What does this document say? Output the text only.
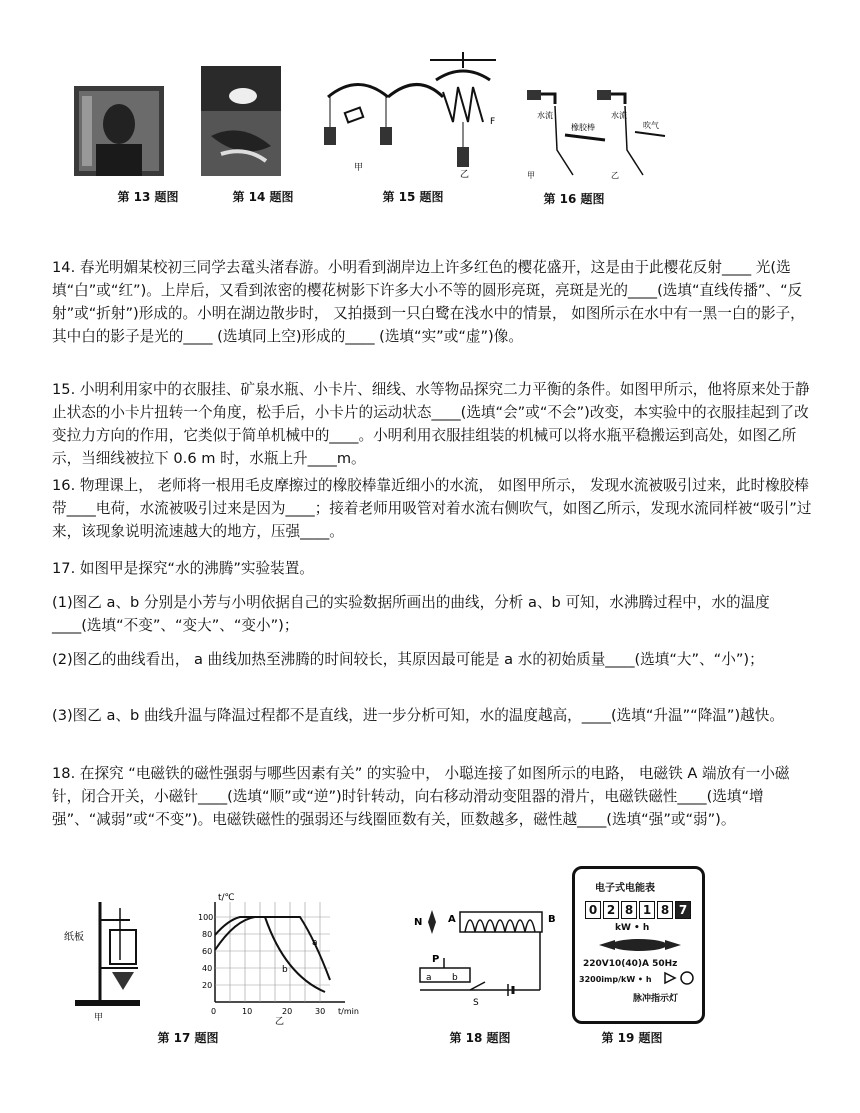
第 13 题图	第 14 题图
F
甲
乙
第 15 题图
水流
橡胶棒
水流
吹气
甲	乙
第 16 题图
14. 春光明媚某校初三同学去鼋头渚春游。小明看到湖岸边上许多红色的樱花盛开，这是由于此樱花反射____ 光(选填“白”或“红”)。上岸后，又看到浓密的樱花树影下许多大小不等的圆形亮斑，亮斑是光的____(选填“直线传播”、“反射”或“折射”)形成的。小明在湖边散步时， 又拍摄到一只白鹭在浅水中的情景， 如图所示在水中有一黑一白的影子， 其中白的影子是光的____ (选填同上空)形成的____ (选填“实”或“虚”)像。
15. 小明利用家中的衣服挂、矿泉水瓶、小卡片、细线、水等物品探究二力平衡的条件。如图甲所示，他将原来处于静止状态的小卡片扭转一个角度，松手后，小卡片的运动状态____(选填“会”或“不会”)改变，本实验中的衣服挂起到了改变拉力方向的作用，它类似于简单机械中的____。小明利用衣服挂组装的机械可以将水瓶平稳搬运到高处，如图乙所示，当细线被拉下 0.6 m 时，水瓶上升____m。
16. 物理课上， 老师将一根用毛皮摩擦过的橡胶棒靠近细小的水流， 如图甲所示， 发现水流被吸引过来，此时橡胶棒带____电荷，水流被吸引过来是因为____；接着老师用吸管对着水流右侧吹气，如图乙所示，发现水流同样被“吸引”过来，该现象说明流速越大的地方，压强____。
17. 如图甲是探究“水的沸腾”实验装置。
(1)图乙 a、b 分别是小芳与小明依据自己的实验数据所画出的曲线，分析 a、b 可知，水沸腾过程中，水的温度____(选填“不变”、“变大”、“变小”)；
(2)图乙的曲线看出， a 曲线加热至沸腾的时间较长，其原因最可能是 a 水的初始质量____(选填“大”、“小”)；
(3)图乙 a、b 曲线升温与降温过程都不是直线，进一步分析可知，水的温度越高，____(选填“升温”“降温”)越快。
18. 在探究 “电磁铁的磁性强弱与哪些因素有关” 的实验中， 小聪连接了如图所示的电路， 电磁铁 A 端放有一小磁针，闭合开关，小磁针____(选填“顺”或“逆”)时针转动，向右移动滑动变阻器的滑片，电磁铁磁性____(选填“增强”、“减弱”或“不变”)。电磁铁磁性的强弱还与线圈匝数有关，匝数越多，磁性越____(选填“强”或“弱”)。
纸板
甲
a
b
t/℃
t/min
100
80
60
40
20
0	10	20	30
乙
第 17 题图
N	A	B
P
a b
S
第 18 题图
电子式电能表
0 2 8 1 8 7
kW • h
220V10(40)A 50Hz
3200imp/kW • h
脉冲指示灯
第 19 题图
